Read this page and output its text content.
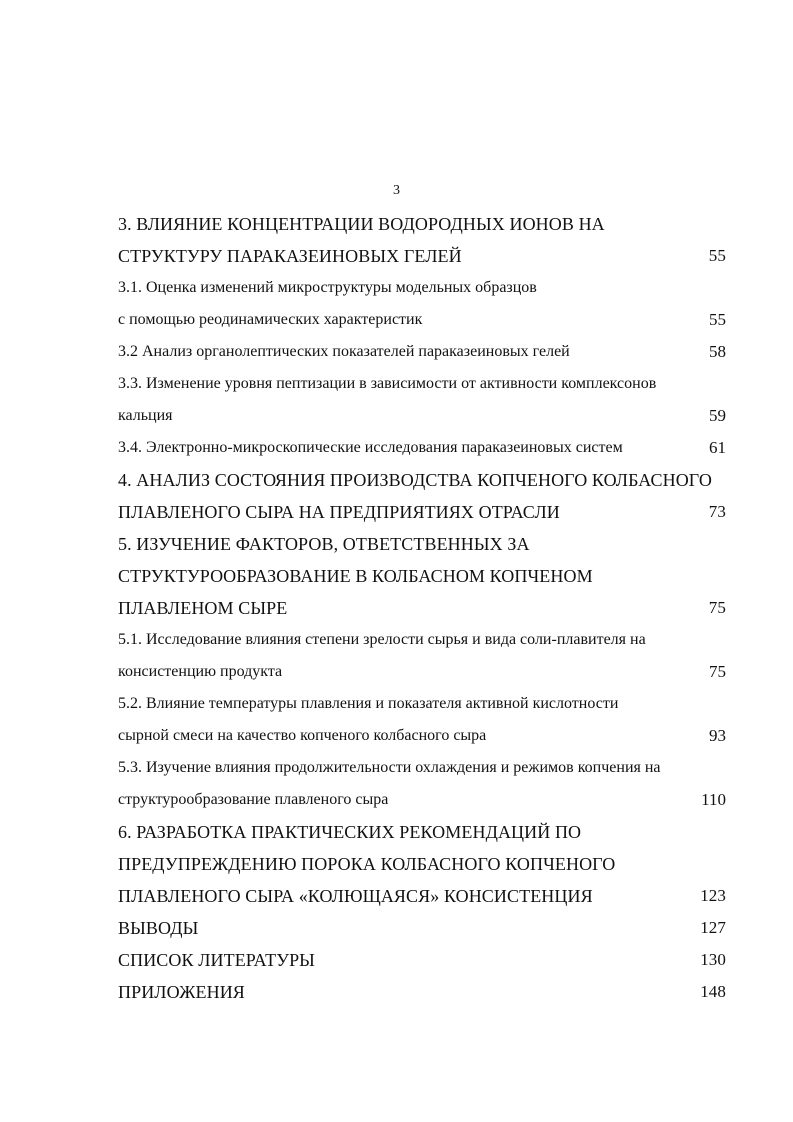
3
3. ВЛИЯНИЕ КОНЦЕНТРАЦИИ ВОДОРОДНЫХ ИОНОВ НА
СТРУКТУРУ ПАРАКАЗЕИНОВЫХ ГЕЛЕЙ	55
3.1. Оценка изменений микроструктуры модельных образцов
с помощью реодинамических характеристик	55
3.2 Анализ органолептических показателей параказеиновых гелей	58
3.3. Изменение уровня пептизации в зависимости от активности комплексонов
кальция	59
3.4. Электронно-микроскопические исследования параказеиновых систем	61
4. АНАЛИЗ СОСТОЯНИЯ ПРОИЗВОДСТВА КОПЧЕНОГО КОЛБАСНОГО
ПЛАВЛЕНОГО СЫРА НА ПРЕДПРИЯТИЯХ ОТРАСЛИ	73
5. ИЗУЧЕНИЕ ФАКТОРОВ, ОТВЕТСТВЕННЫХ ЗА
СТРУКТУРООБРАЗОВАНИЕ В КОЛБАСНОМ КОПЧЕНОМ
ПЛАВЛЕНОМ СЫРЕ	75
5.1. Исследование влияния степени зрелости сырья и вида соли-плавителя на
консистенцию продукта	75
5.2. Влияние температуры плавления и показателя активной кислотности
сырной смеси на качество копченого колбасного сыра	93
5.3. Изучение влияния продолжительности охлаждения и режимов копчения на
структурообразование плавленого сыра	110
6. РАЗРАБОТКА ПРАКТИЧЕСКИХ РЕКОМЕНДАЦИЙ ПО
ПРЕДУПРЕЖДЕНИЮ ПОРОКА КОЛБАСНОГО КОПЧЕНОГО
ПЛАВЛЕНОГО СЫРА «КОЛЮЩАЯСЯ» КОНСИСТЕНЦИЯ	123
ВЫВОДЫ	127
СПИСОК ЛИТЕРАТУРЫ	130
ПРИЛОЖЕНИЯ	148
